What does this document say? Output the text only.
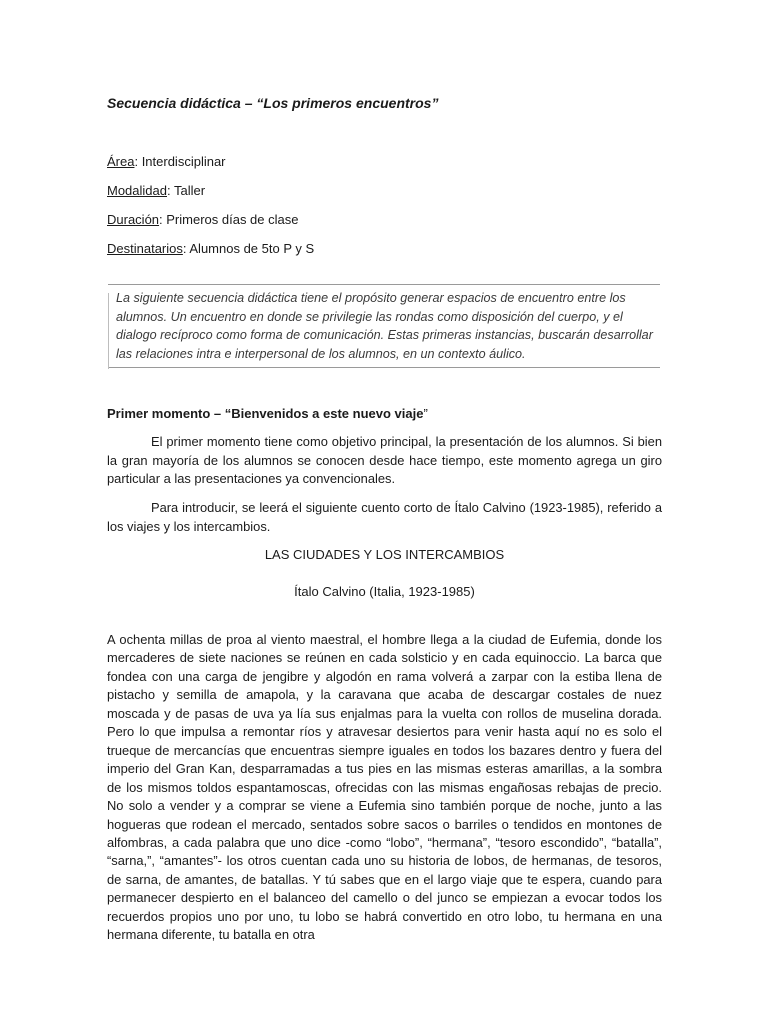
Secuencia didáctica – “Los primeros encuentros”

Área: Interdisciplinar

Modalidad: Taller

Duración: Primeros días de clase

Destinatarios: Alumnos de 5to P y S

La siguiente secuencia didáctica tiene el propósito generar espacios de encuentro entre los alumnos. Un encuentro en donde se privilegie las rondas como disposición del cuerpo, y el dialogo recíproco como forma de comunicación. Estas primeras instancias, buscarán desarrollar las relaciones intra e interpersonal de los alumnos, en un contexto áulico.

Primer momento – “Bienvenidos a este nuevo viaje”

El primer momento tiene como objetivo principal, la presentación de los alumnos. Si bien la gran mayoría de los alumnos se conocen desde hace tiempo, este momento agrega un giro particular a las presentaciones ya convencionales.

Para introducir, se leerá el siguiente cuento corto de Ítalo Calvino (1923-1985), referido a los viajes y los intercambios.

LAS CIUDADES Y LOS INTERCAMBIOS

Ítalo Calvino (Italia, 1923-1985)

A ochenta millas de proa al viento maestral, el hombre llega a la ciudad de Eufemia, donde los mercaderes de siete naciones se reúnen en cada solsticio y en cada equinoccio. La barca que fondea con una carga de jengibre y algodón en rama volverá a zarpar con la estiba llena de pistacho y semilla de amapola, y la caravana que acaba de descargar costales de nuez moscada y de pasas de uva ya lía sus enjalmas para la vuelta con rollos de muselina dorada. Pero lo que impulsa a remontar ríos y atravesar desiertos para venir hasta aquí no es solo el trueque de mercancías que encuentras siempre iguales en todos los bazares dentro y fuera del imperio del Gran Kan, desparramadas a tus pies en las mismas esteras amarillas, a la sombra de los mismos toldos espantamoscas, ofrecidas con las mismas engañosas rebajas de precio. No solo a vender y a comprar se viene a Eufemia sino también porque de noche, junto a las hogueras que rodean el mercado, sentados sobre sacos o barriles o tendidos en montones de alfombras, a cada palabra que uno dice -como “lobo”, “hermana”, “tesoro escondido”, “batalla”, “sarna,”, “amantes”- los otros cuentan cada uno su historia de lobos, de hermanas, de tesoros, de sarna, de amantes, de batallas. Y tú sabes que en el largo viaje que te espera, cuando para permanecer despierto en el balanceo del camello o del junco se empiezan a evocar todos los recuerdos propios uno por uno, tu lobo se habrá convertido en otro lobo, tu hermana en una hermana diferente, tu batalla en otra
